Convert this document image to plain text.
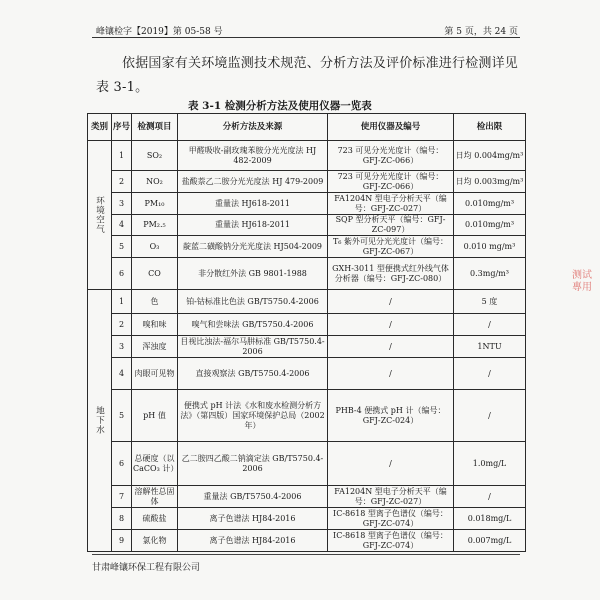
峰镶检字【2019】第 05-58 号	第 5 页，共 24 页
依据国家有关环境监测技术规范、分析方法及评价标准进行检测详见表 3-1。
表 3-1 检测分析方法及使用仪器一览表
类别	序号	检测项目	分析方法及来源	使用仪器及编号	检出限

环境空气	1	SO₂	甲醛吸收-副玫瑰苯胺分光光度法 HJ 482-2009	723 可见分光光度计（编号：GFJ-ZC-066）	日均 0.004mg/m³
	2	NO₂	盐酸萘乙二胺分光光度法 HJ 479-2009	723 可见分光光度计（编号：GFJ-ZC-066）	日均 0.003mg/m³
	3	PM₁₀	重量法 HJ618-2011	FA1204N 型电子分析天平（编号：GFJ-ZC-027）	0.010mg/m³
	4	PM₂.₅	重量法 HJ618-2011	SQP 型分析天平（编号：GFJ-ZC-097）	0.010mg/m³
	5	O₃	靛蓝二磺酸钠分光光度法 HJ504-2009	T₆ 紫外可见分光光度计（编号：GFJ-ZC-067）	0.010 mg/m³
	6	CO	非分散红外法 GB 9801-1988	GXH-3011 型便携式红外线气体分析器（编号：GFJ-ZC-080）	0.3mg/m³

地下水	1	色	铂-钴标准比色法 GB/T5750.4-2006	/	5 度
	2	嗅和味	嗅气和尝味法 GB/T5750.4-2006	/	/
	3	浑浊度	目视比浊法-福尔马肼标准 GB/T5750.4-2006	/	1NTU
	4	肉眼可见物	直接观察法 GB/T5750.4-2006	/	/
	5	pH 值	便携式 pH 计法《水和废水检测分析方法》（第四版）国家环境保护总局（2002 年）	PHB-4 便携式 pH 计（编号：GFJ-ZC-024）	/
	6	总硬度（以 CaCO₃ 计）	乙二胺四乙酸二钠滴定法 GB/T5750.4-2006	/	1.0mg/L
	7	溶解性总固体	重量法 GB/T5750.4-2006	FA1204N 型电子分析天平（编号：GFJ-ZC-027）	/
	8	硫酸盐	离子色谱法 HJ84-2016	IC-8618 型离子色谱仪（编号：GFJ-ZC-074）	0.018mg/L
	9	氯化物	离子色谱法 HJ84-2016	IC-8618 型离子色谱仪（编号：GFJ-ZC-074）	0.007mg/L
甘肃峰镶环保工程有限公司
测试專用
